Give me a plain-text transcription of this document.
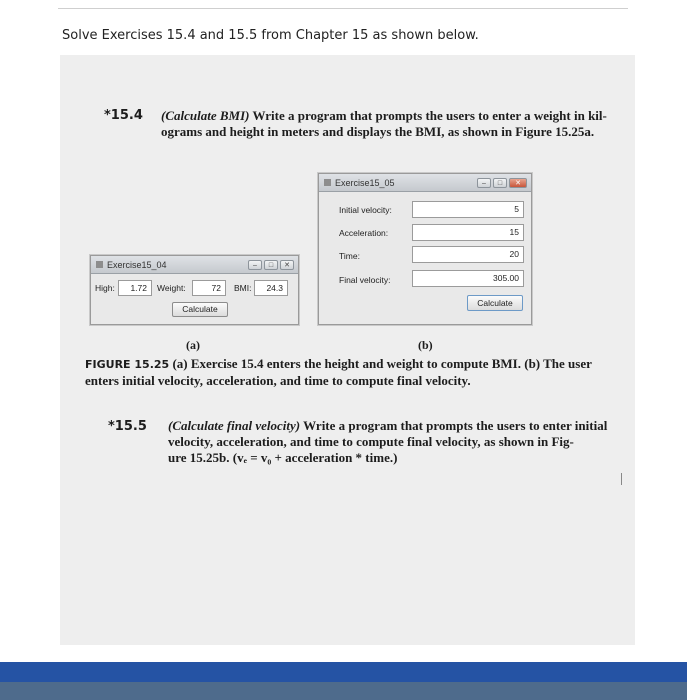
Solve Exercises 15.4 and 15.5 from Chapter 15 as shown below.
*15.4 (Calculate BMI) Write a program that prompts the users to enter a weight in kil-
ograms and height in meters and displays the BMI, as shown in Figure 15.25a.
Exercise15_04	–	□	✕
High:	1.72	Weight:	72	BMI:	24.3
Calculate
Exercise15_05	–	□	✕
Initial velocity:	5
Acceleration:	15
Time:	20
Final velocity:	305.00
Calculate
(a)	(b)
FIGURE 15.25 (a) Exercise 15.4 enters the height and weight to compute BMI. (b) The user
enters initial velocity, acceleration, and time to compute final velocity.
*15.5 (Calculate final velocity) Write a program that prompts the users to enter initial
velocity, acceleration, and time to compute final velocity, as shown in Fig-
ure 15.25b. (vₑ = v₀ + acceleration * time.)
